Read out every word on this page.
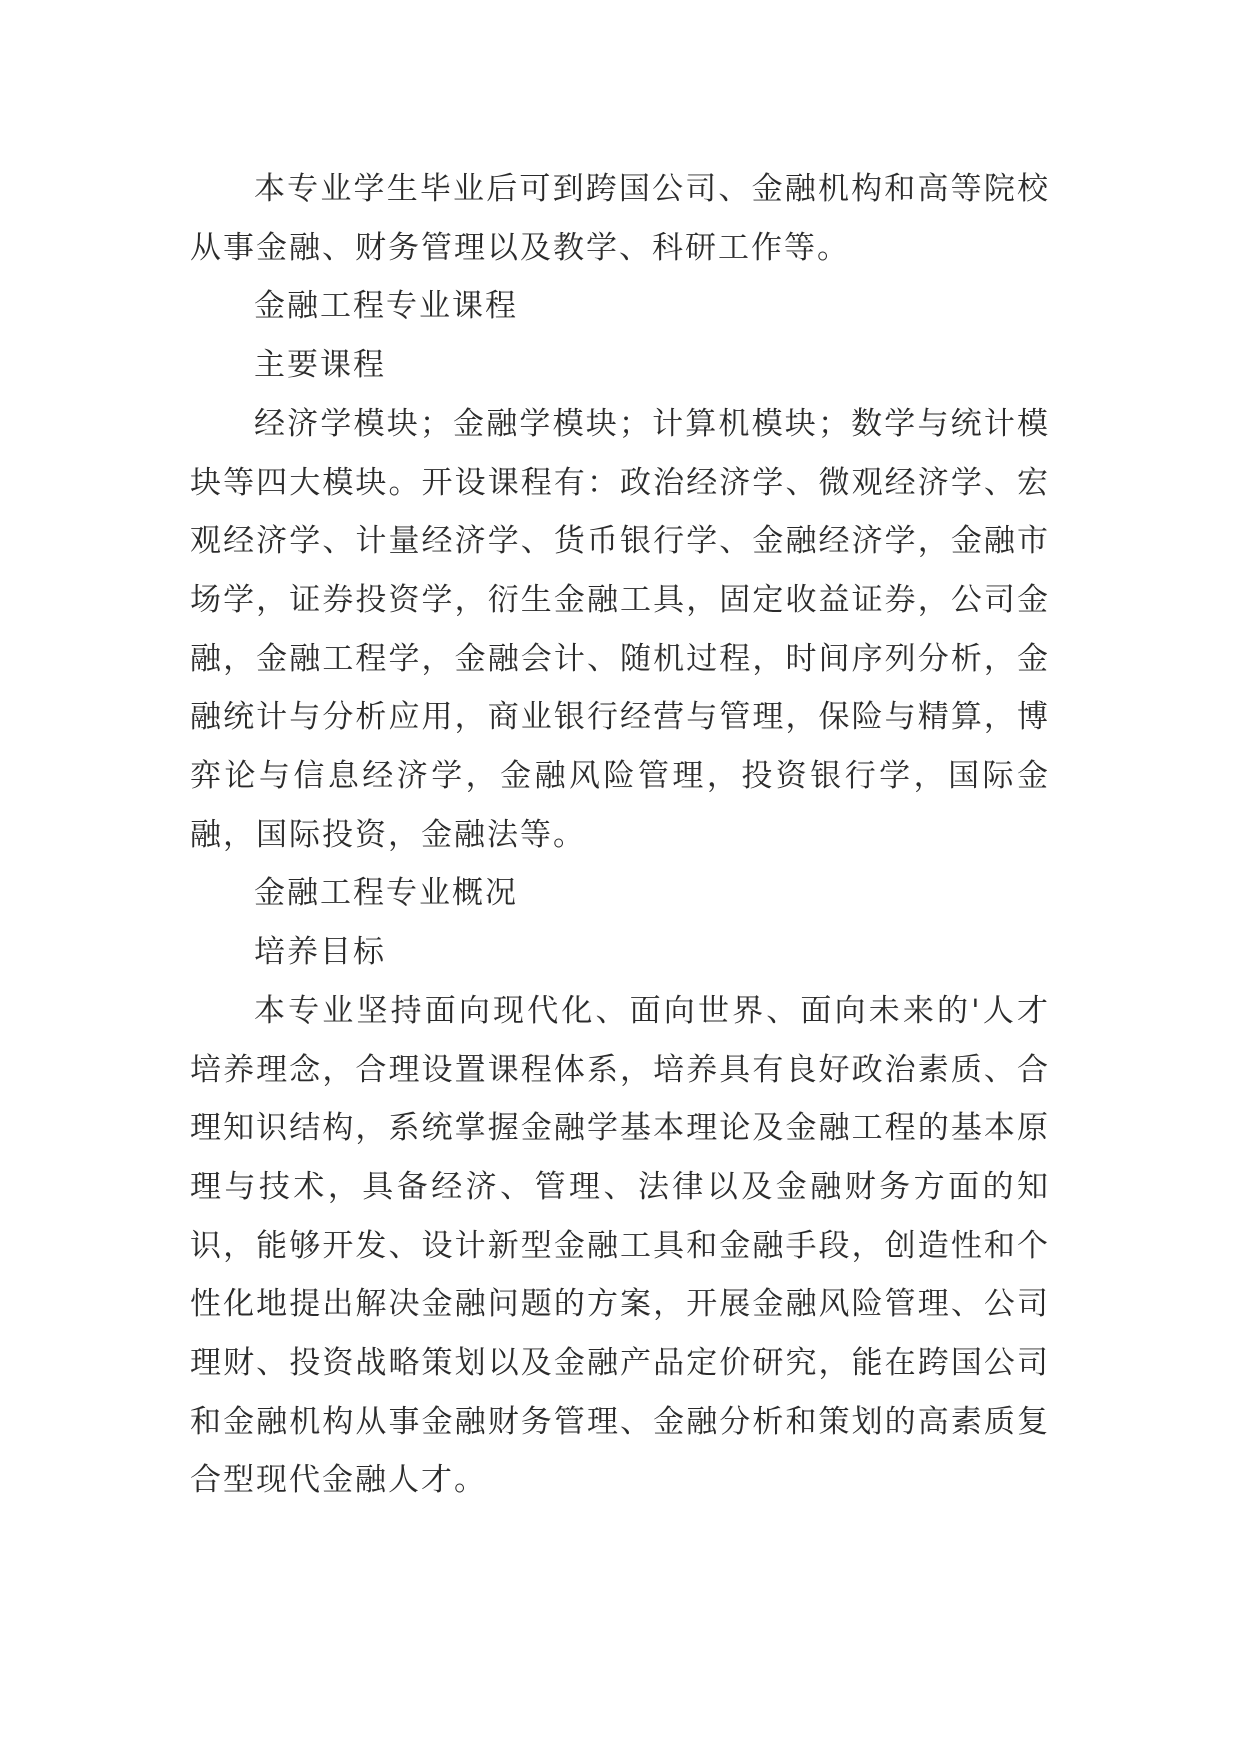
本专业学生毕业后可到跨国公司、金融机构和高等院校从事金融、财务管理以及教学、科研工作等。

金融工程专业课程

主要课程

经济学模块；金融学模块；计算机模块；数学与统计模块等四大模块。开设课程有：政治经济学、微观经济学、宏观经济学、计量经济学、货币银行学、金融经济学，金融市场学，证券投资学，衍生金融工具，固定收益证券，公司金融，金融工程学，金融会计、随机过程，时间序列分析，金融统计与分析应用，商业银行经营与管理，保险与精算，博弈论与信息经济学，金融风险管理，投资银行学，国际金融，国际投资，金融法等。

金融工程专业概况

培养目标

本专业坚持面向现代化、面向世界、面向未来的'人才培养理念，合理设置课程体系，培养具有良好政治素质、合理知识结构，系统掌握金融学基本理论及金融工程的基本原理与技术，具备经济、管理、法律以及金融财务方面的知识，能够开发、设计新型金融工具和金融手段，创造性和个性化地提出解决金融问题的方案，开展金融风险管理、公司理财、投资战略策划以及金融产品定价研究，能在跨国公司和金融机构从事金融财务管理、金融分析和策划的高素质复合型现代金融人才。
